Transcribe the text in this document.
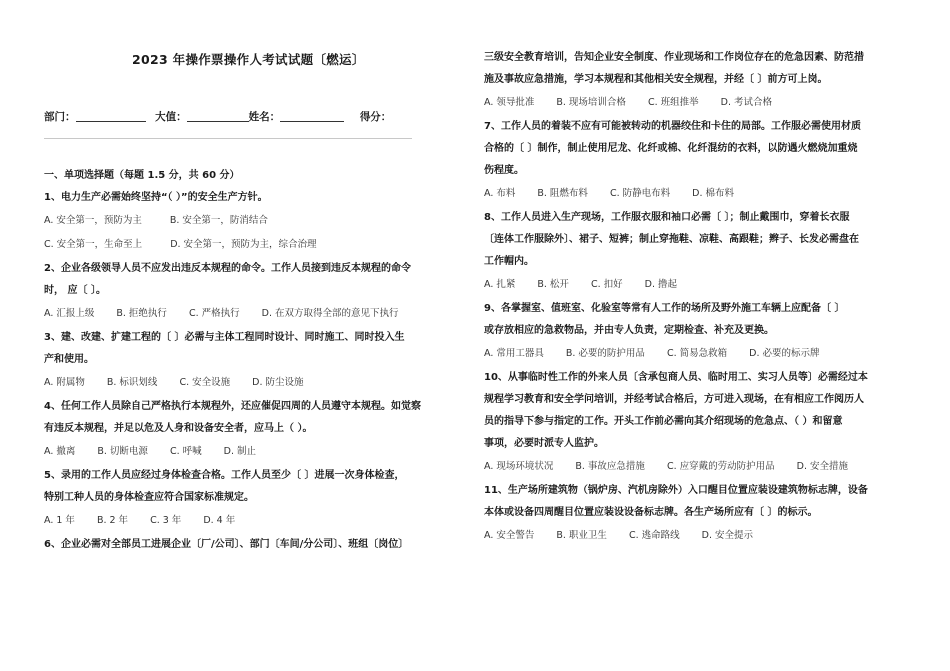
2023 年操作票操作人考试试题〔燃运〕
部门：	大值：	姓名：	得分：
一、单项选择题（每题 1.5 分，共 60 分）
1、电力生产必需始终坚持“（ ）”的安全生产方针。
A. 安全第一，预防为主	B. 安全第一，防消结合
C. 安全第一，生命至上	D. 安全第一，预防为主，综合治理
2、企业各级领导人员不应发出违反本规程的命令。工作人员接到违反本规程的命令
时， 应〔 〕。
A. 汇报上级 B. 拒绝执行 C. 严格执行 D. 在双方取得全部的意见下执行
3、建、改建、扩建工程的〔 〕必需与主体工程同时设计、同时施工、同时投入生
产和使用。
A. 附属物 B. 标识划线 C. 安全设施 D. 防尘设施
4、任何工作人员除自己严格执行本规程外，还应催促四周的人员遵守本规程。如觉察
有违反本规程，并足以危及人身和设备安全者，应马上（ ）。
A. 撤离 B. 切断电源 C. 呼喊 D. 制止
5、录用的工作人员应经过身体检查合格。工作人员至少〔 〕进展一次身体检查，
特别工种人员的身体检查应符合国家标准规定。
A. 1 年 B. 2 年 C. 3 年 D. 4 年
6、企业必需对全部员工进展企业〔厂/公司〕、部门〔车间/分公司〕、班组〔岗位〕
三级安全教育培训，告知企业安全制度、作业现场和工作岗位存在的危急因素、防范措
施及事故应急措施，学习本规程和其他相关安全规程，并经〔 〕前方可上岗。
A. 领导批准 B. 现场培训合格 C. 班组推举 D. 考试合格
7、工作人员的着装不应有可能被转动的机器绞住和卡住的局部。工作服必需使用材质
合格的〔 〕制作，制止使用尼龙、化纤或棉、化纤混纺的衣料，以防遇火燃烧加重烧
伤程度。
A. 布料 B. 阻燃布料 C. 防静电布料 D. 棉布料
8、工作人员进入生产现场，工作服衣服和袖口必需〔 〕；制止戴围巾，穿着长衣服
〔连体工作服除外〕、裙子、短裤；制止穿拖鞋、凉鞋、高跟鞋；辫子、长发必需盘在
工作帽内。
A. 扎紧 B. 松开 C. 扣好 D. 撸起
9、各掌握室、值班室、化验室等常有人工作的场所及野外施工车辆上应配备〔 〕
或存放相应的急救物品，并由专人负责，定期检查、补充及更换。
A. 常用工器具 B. 必要的防护用品 C. 简易急救箱 D. 必要的标示牌
10、从事临时性工作的外来人员〔含承包商人员、临时用工、实习人员等〕必需经过本
规程学习教育和安全学问培训，并经考试合格后，方可进入现场，在有相应工作阅历人
员的指导下参与指定的工作。开头工作前必需向其介绍现场的危急点、（ ）和留意
事项，必要时派专人监护。
A. 现场环境状况 B. 事故应急措施 C. 应穿戴的劳动防护用品 D. 安全措施
11、生产场所建筑物（锅炉房、汽机房除外）入口醒目位置应装设建筑物标志牌，设备
本体或设备四周醒目位置应装设设备标志牌。各生产场所应有〔 〕的标示。
A. 安全警告 B. 职业卫生 C. 逃命路线 D. 安全提示
